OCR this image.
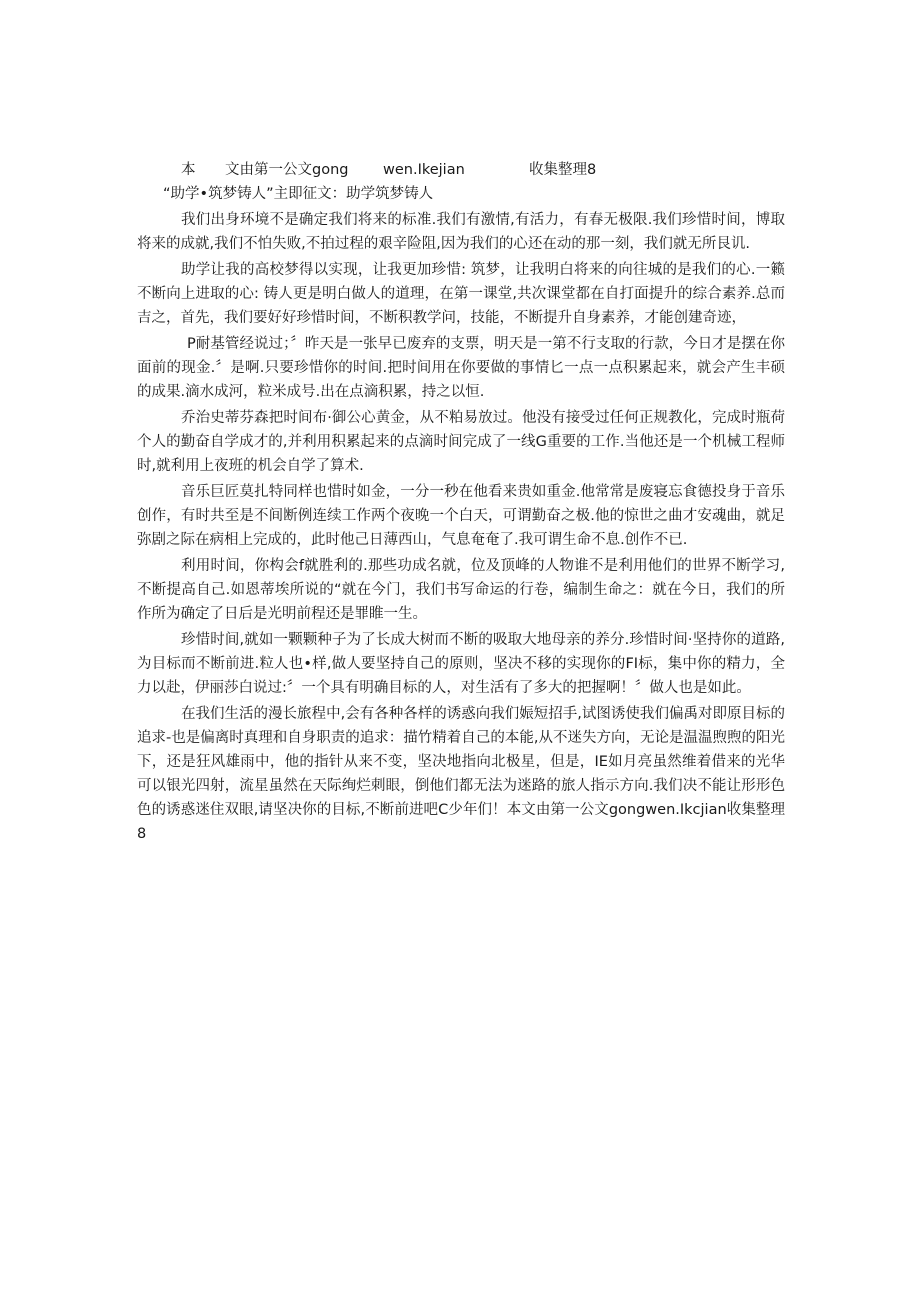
本

文由第一公文gong

wen.Ikejian

	收集整理8

“助学•筑梦铸人”主即征文：助学筑梦铸人

我们出身环境不是确定我们将来的标准.我们有激情,有活力，有春无极限.我们珍惜时间，博取将来的成就,我们不怕失败,不拍过程的艰辛险阻,因为我们的心还在动的那一刻，我们就无所艮讥.

助学让我的高校梦得以实现，让我更加珍惜: 筑梦，让我明白将来的向往城的是我们的心.一籁不断向上进取的心: 铸人更是明白做人的道理，在第一课堂,共次课堂都在自打面提升的综合素养.总而吉之，首先，我们要好好珍惜时间，不断积教学问，技能，不断提升自身素养，才能创建奇迹，

P耐基管经说过；〞昨天是一张早已废弃的支票，明天是一第不行支取的行款，今日才是摆在你面前的现金.〞是啊.只要珍惜你的时间.把时间用在你要做的事情匕一点一点积累起来，就会产生丰硕的成果.滴水成河，粒米成号.出在点滴积累，持之以恒.

乔治史蒂芬森把时间布·御公心黄金，从不粕易放过。他没有接受过任何正规教化，完成时瓶荷个人的勤奋自学成才的,并利用积累起来的点滴时间完成了一线G重要的工作.当他还是一个机械工程师时,就利用上夜班的机会自学了算术.

音乐巨匠莫扎特同样也惜时如金，一分一秒在他看来贵如重金.他常常是废寝忘食德投身于音乐创作，有时共至是不间断例连续工作两个夜晚一个白天，可谓勤奋之极.他的惊世之曲才安魂曲，就足弥剧之际在病相上完成的，此时他己日薄西山，气息奄奄了.我可谓生命不息.创作不已.

利用时间，你构会f就胜利的.那些功成名就，位及顶峰的人物谁不是利用他们的世界不断学习,不断提高自己.如恩蒂埃所说的“就在今门，我们书写命运的行卷，编制生命之：就在今日，我们的所作所为确定了日后是光明前程还是罪睢一生。

珍惜时间,就如一颗颗种子为了长成大树而不断的吸取大地母亲的养分.珍惜时间·坚持你的道路,为目标而不断前进.粒人也•样,做人要坚持自己的原则，坚决不移的实现你的FI标，集中你的精力，全力以赴，伊丽莎白说过:〞一个具有明确目标的人，对生活有了多大的把握啊！〞做人也是如此。

在我们生活的漫长旅程中,会有各种各样的诱惑向我们娠短招手,试图诱使我们偏禹对即原目标的追求-也是偏离时真理和自身职责的追求：描竹精着自己的本能,从不迷失方向，无论是温温煦煦的阳光下，还是狂风雄雨中，他的指针从来不变，坚决地指向北极星，但是，IE如月亮虽然维着借来的光华可以银光四射，流星虽然在天际绚烂刺眼，倒他们都无法为迷路的旅人指示方向.我们决不能让形形色色的诱惑迷住双眼,请坚决你的目标,不断前进吧C少年们！本文由第一公文gongwen.Ikcjian收集整理8
